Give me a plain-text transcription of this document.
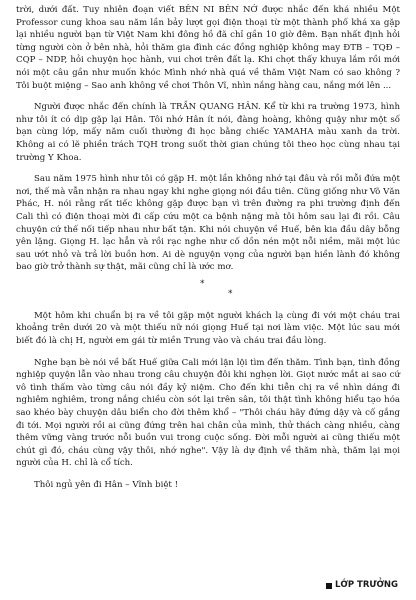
trời, dưới đất. Tuy nhiên đoạn viết BÊN NI BÊN NỚ được nhắc đến khá nhiều Một Professor cung khoa sau năm lần bảy lượt gọi điện thoại từ một thành phố khá xa gặp lại nhiều người bạn từ Việt Nam khi đông hồ đã chỉ gần 10 giờ đêm. Bạn nhất định hỏi từng người còn ở bên nhà, hỏi thăm gia đình các đồng nghiệp không may ĐTB – TQĐ – CQP – NDP, hỏi chuyện học hành, vui chơi trên đất lạ. Khi chợt thấy khuya lắm rồi mới nói một câu gần như muốn khóc Mình nhớ nhà quá về thăm Việt Nam có sao không ? Tôi buột miệng – Sao anh không về chơi Thôn Vĩ, nhìn nắng hàng cau, nắng mới lên ...

Người được nhắc đến chính là TRẦN QUANG HÂN. Kể từ khi ra trường 1973, hình như tôi ít có dịp gặp lại Hân. Tôi nhớ Hân ít nói, đàng hoàng, không quậy như một số bạn cùng lớp, mấy năm cuối thường đi học bằng chiếc YAMAHA màu xanh da trời. Không ai có lẽ phiền trách TQH trong suốt thời gian chúng tôi theo học cùng nhau tại trường Y Khoa.

Sau năm 1975 hình như tôi có gặp H. một lần không nhớ tại đâu và rồi mỗi đứa một nơi, thế mà vẫn nhận ra nhau ngay khi nghe giọng nói đầu tiên. Cũng giống như Võ Văn Phác, H. nói rằng rất tiếc không gặp được bạn vì trên đường ra phi trường định đến Cali thì có điện thoại mời đi cấp cứu một ca bệnh nặng mà tôi hôm sau lại đi rồi. Câu chuyện cứ thế nối tiếp nhau như bất tận. Khi nói chuyện về Huế, bên kia đầu dây bỗng yên lặng. Giọng H. lạc hẳn và rồi rạc nghe như cố dồn nén một nỗi niềm, mãi một lúc sau ướt nhỏ và trả lời buồn hơn. Ai dè nguyện vọng của người bạn hiền lành đó không bao giờ trở thành sự thật, mãi cũng chỉ là ước mơ.

*
*

Một hôm khi chuẩn bị ra về tôi gặp một người khách lạ cùng đi với một cháu trai khoảng trên dưới 20 và một thiếu nữ nói giọng Huế tại nơi làm việc. Một lúc sau mới biết đó là chị H, người em gái từ miền Trung vào và cháu trai đầu lòng.

Nghe bạn bè nói về bất Huế giữa Cali mới lận lội tìm đến thăm. Tình bạn, tình đồng nghiệp quyện lẫn vào nhau trong câu chuyện đôi khi nghẹn lời. Giọt nước mắt ai sao cứ vô tình thấm vào từng câu nói đầy kỷ niệm. Cho đến khi tiễn chị ra về nhìn dáng đi nghiêm nghiêm, trong nắng chiều còn sót lại trên sân, tôi thật tình không hiểu tạo hóa sao khéo bày chuyện dâu biển cho đời thêm khổ – "Thôi cháu hãy đứng dậy và cố gắng đi tới. Mọi người rồi ai cũng đứng trên hai chân của mình, thử thách càng nhiều, càng thêm vững vàng trước nỗi buồn vui trong cuộc sống. Đời mỗi người ai cũng thiếu một chút gì đó, cháu cùng vậy thôi, nhớ nghe". Vậy là dự định về thăm nhà, thăm lại mọi người của H. chỉ là cổ tích.

Thôi ngủ yên đi Hân – Vĩnh biệt !

LỚP TRƯỞNG
